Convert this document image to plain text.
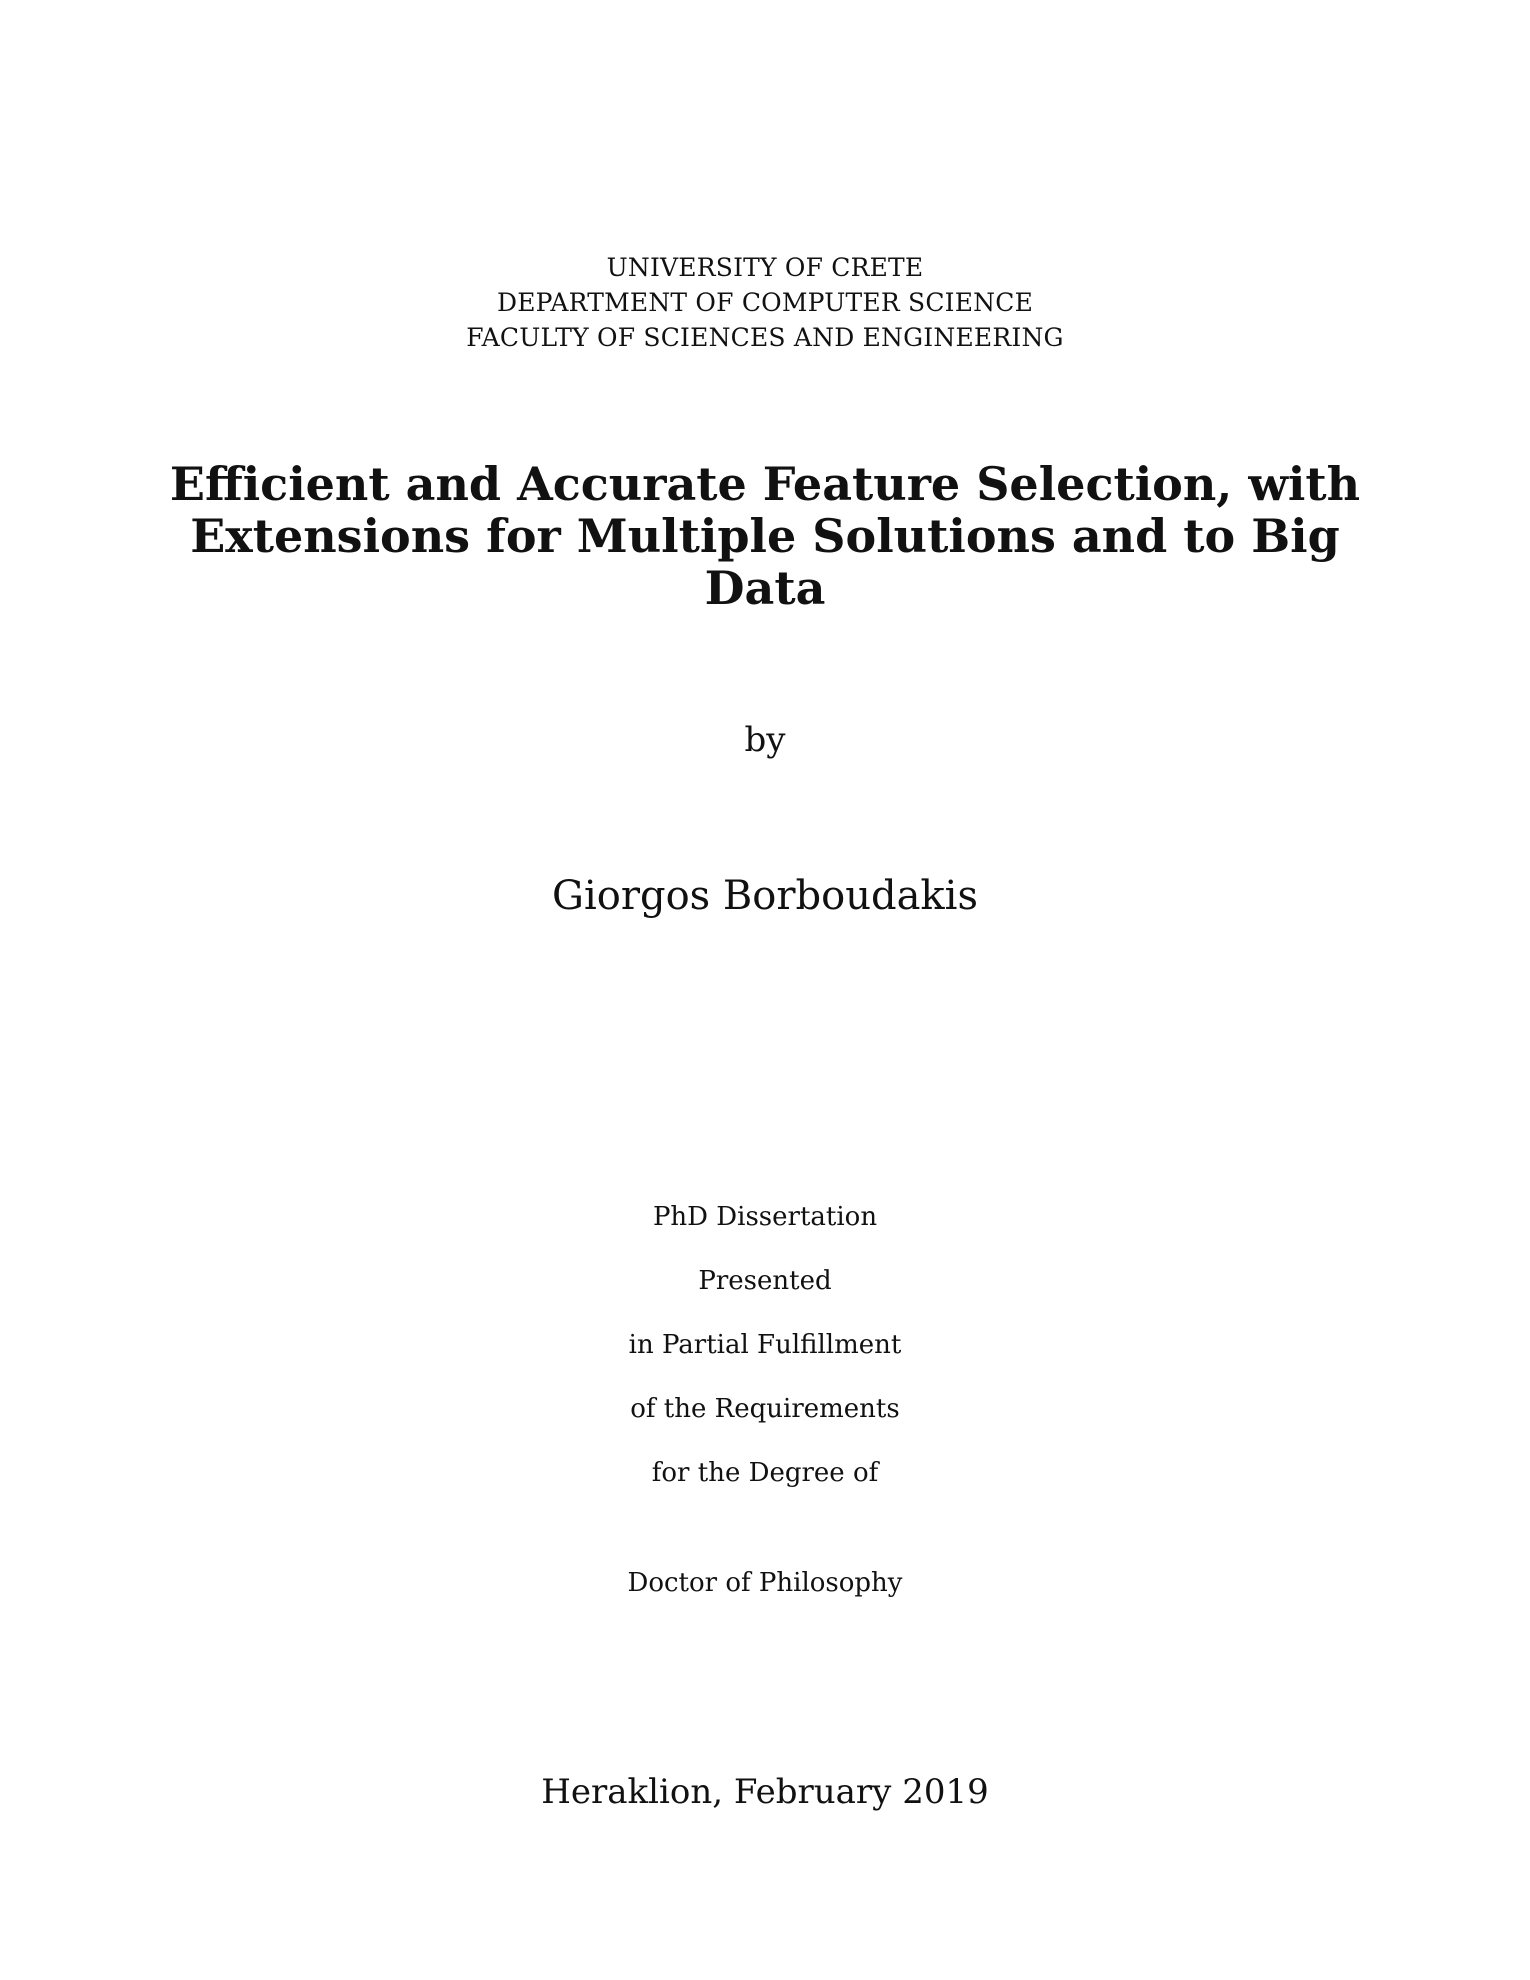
UNIVERSITY OF CRETE
DEPARTMENT OF COMPUTER SCIENCE
FACULTY OF SCIENCES AND ENGINEERING
Efficient and Accurate Feature Selection, with
Extensions for Multiple Solutions and to Big
Data
by
Giorgos Borboudakis
PhD Dissertation
Presented
in Partial Fulfillment
of the Requirements
for the Degree of
Doctor of Philosophy
Heraklion, February 2019
